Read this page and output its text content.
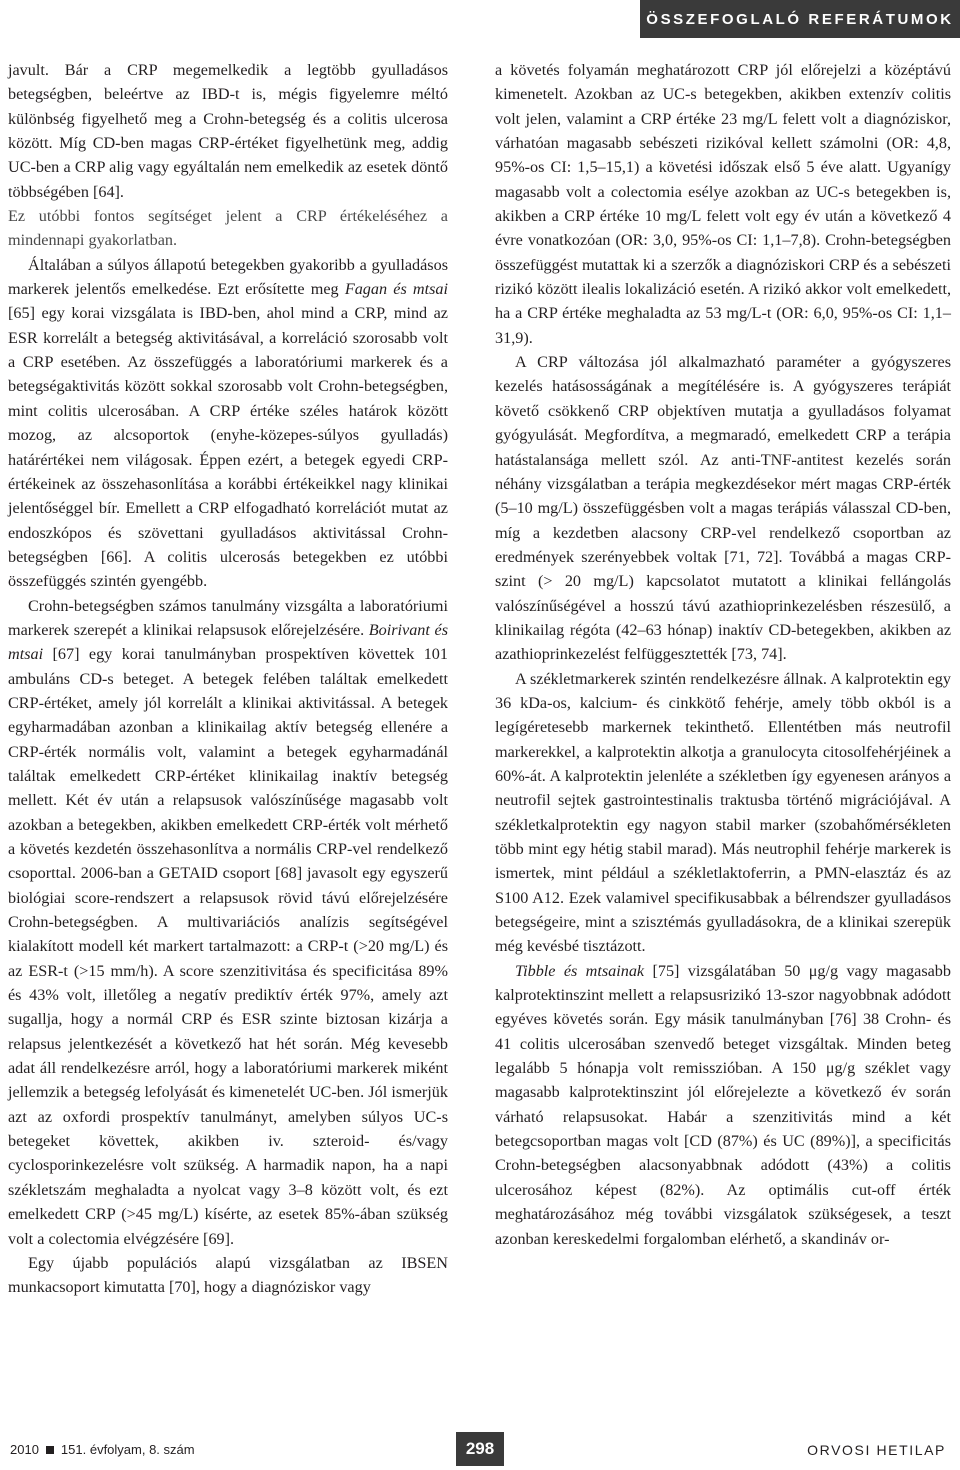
ÖSSZEFOGLALÓ REFERÁTUMOK

javult. Bár a CRP megemelkedik a legtöbb gyulladásos betegségben, beleértve az IBD-t is, mégis figyelemre méltó különbség figyelhető meg a Crohn-betegség és a colitis ulcerosa között. Míg CD-ben magas CRP-értéket figyelhetünk meg, addig UC-ben a CRP alig vagy egyáltalán nem emelkedik az esetek döntő többségében [64].

Ez utóbbi fontos segítséget jelent a CRP értékeléséhez a mindennapi gyakorlatban.

Általában a súlyos állapotú betegekben gyakoribb a gyulladásos markerek jelentős emelkedése. Ezt erősítette meg Fagan és mtsai [65] egy korai vizsgálata is IBD-ben, ahol mind a CRP, mind az ESR korrelált a betegség aktivitásával, a korreláció szorosabb volt a CRP esetében. Az összefüggés a laboratóriumi markerek és a betegségaktivitás között sokkal szorosabb volt Crohn-betegségben, mint colitis ulcerosában. A CRP értéke széles határok között mozog, az alcsoportok (enyhe-közepes-súlyos gyulladás) határértékei nem világosak. Éppen ezért, a betegek egyedi CRP-értékeinek az összehasonlítása a korábbi értékeikkel nagy klinikai jelentőséggel bír. Emellett a CRP elfogadható korrelációt mutat az endoszkópos és szövettani gyulladásos aktivitással Crohn-betegségben [66]. A colitis ulcerosás betegekben ez utóbbi összefüggés szintén gyengébb.

Crohn-betegségben számos tanulmány vizsgálta a laboratóriumi markerek szerepét a klinikai relapsusok előrejelzésére. Boirivant és mtsai [67] egy korai tanulmányban prospektíven követtek 101 ambuláns CD-s beteget. A betegek felében találtak emelkedett CRP-értéket, amely jól korrelált a klinikai aktivitással. A betegek egyharmadában azonban a klinikailag aktív betegség ellenére a CRP-érték normális volt, valamint a betegek egyharmadánál találtak emelkedett CRP-értéket klinikailag inaktív betegség mellett. Két év után a relapsusok valószínűsége magasabb volt azokban a betegekben, akikben emelkedett CRP-érték volt mérhető a követés kezdetén összehasonlítva a normális CRP-vel rendelkező csoporttal. 2006-ban a GETAID csoport [68] javasolt egy egyszerű biológiai score-rendszert a relapsusok rövid távú előrejelzésére Crohn-betegségben. A multivariációs analízis segítségével kialakított modell két markert tartalmazott: a CRP-t (>20 mg/L) és az ESR-t (>15 mm/h). A score szenzitivitása és specificitása 89% és 43% volt, illetőleg a negatív prediktív érték 97%, amely azt sugallja, hogy a normál CRP és ESR szinte biztosan kizárja a relapsus jelentkezését a következő hat hét során. Még kevesebb adat áll rendelkezésre arról, hogy a laboratóriumi markerek miként jellemzik a betegség lefolyását és kimenetelét UC-ben. Jól ismerjük azt az oxfordi prospektív tanulmányt, amelyben súlyos UC-s betegeket követtek, akikben iv. szteroid- és/vagy cyclosporinkezelésre volt szükség. A harmadik napon, ha a napi székletszám meghaladta a nyolcat vagy 3–8 között volt, és ezt emelkedett CRP (>45 mg/L) kísérte, az esetek 85%-ában szükség volt a colectomia elvégzésére [69].

Egy újabb populációs alapú vizsgálatban az IBSEN munkacsoport kimutatta [70], hogy a diagnóziskor vagy

a követés folyamán meghatározott CRP jól előrejelzi a középtávú kimenetelt. Azokban az UC-s betegekben, akikben extenzív colitis volt jelen, valamint a CRP értéke 23 mg/L felett volt a diagnóziskor, várhatóan magasabb sebészeti rizikóval kellett számolni (OR: 4,8, 95%-os CI: 1,5–15,1) a követési időszak első 5 éve alatt. Ugyanígy magasabb volt a colectomia esélye azokban az UC-s betegekben is, akikben a CRP értéke 10 mg/L felett volt egy év után a következő 4 évre vonatkozóan (OR: 3,0, 95%-os CI: 1,1–7,8). Crohn-betegségben összefüggést mutattak ki a szerzők a diagnóziskori CRP és a sebészeti rizikó között ilealis lokalizáció esetén. A rizikó akkor volt emelkedett, ha a CRP értéke meghaladta az 53 mg/L-t (OR: 6,0, 95%-os CI: 1,1–31,9).

A CRP változása jól alkalmazható paraméter a gyógyszeres kezelés hatásosságának a megítélésére is. A gyógyszeres terápiát követő csökkenő CRP objektíven mutatja a gyulladásos folyamat gyógyulását. Megfordítva, a megmaradó, emelkedett CRP a terápia hatástalansága mellett szól. Az anti-TNF-antitest kezelés során néhány vizsgálatban a terápia megkezdésekor mért magas CRP-érték (5–10 mg/L) összefüggésben volt a magas terápiás válasszal CD-ben, míg a kezdetben alacsony CRP-vel rendelkező csoportban az eredmények szerényebbek voltak [71, 72]. Továbbá a magas CRP-szint (> 20 mg/L) kapcsolatot mutatott a klinikai fellángolás valószínűségével a hosszú távú azathioprinkezelésben részesülő, a klinikailag régóta (42–63 hónap) inaktív CD-betegekben, akikben az azathioprinkezelést felfüggesztették [73, 74].

A székletmarkerek szintén rendelkezésre állnak. A kalprotektin egy 36 kDa-os, kalcium- és cinkkötő fehérje, amely több okból is a legígéretesebb markernek tekinthető. Ellentétben más neutrofil markerekkel, a kalprotektin alkotja a granulocyta citosolfehérjéinek a 60%-át. A kalprotektin jelenléte a székletben így egyenesen arányos a neutrofil sejtek gastrointestinalis traktusba történő migrációjával. A székletkalprotektin egy nagyon stabil marker (szobahőmérsékleten több mint egy hétig stabil marad). Más neutrophil fehérje markerek is ismertek, mint például a székletlaktoferrin, a PMN-elasztáz és az S100 A12. Ezek valamivel specifikusabbak a bélrendszer gyulladásos betegségeire, mint a szisztémás gyulladásokra, de a klinikai szerepük még kevésbé tisztázott.

Tibble és mtsainak [75] vizsgálatában 50 μg/g vagy magasabb kalprotektinszint mellett a relapsusrizikó 13-szor nagyobbnak adódott egyéves követés során. Egy másik tanulmányban [76] 38 Crohn- és 41 colitis ulcerosában szenvedő beteget vizsgáltak. Minden beteg legalább 5 hónapja volt remisszióban. A 150 μg/g széklet vagy magasabb kalprotektinszint jól előrejelezte a következő év során várható relapsusokat. Habár a szenzitivitás mind a két betegcsoportban magas volt [CD (87%) és UC (89%)], a specificitás Crohn-betegségben alacsonyabbnak adódott (43%) a colitis ulcerosához képest (82%). Az optimális cut-off érték meghatározásához még további vizsgálatok szükségesek, a teszt azonban kereskedelmi forgalomban elérhető, a skandináv or-

2010 151. évfolyam, 8. szám	298	ORVOSI HETILAP
